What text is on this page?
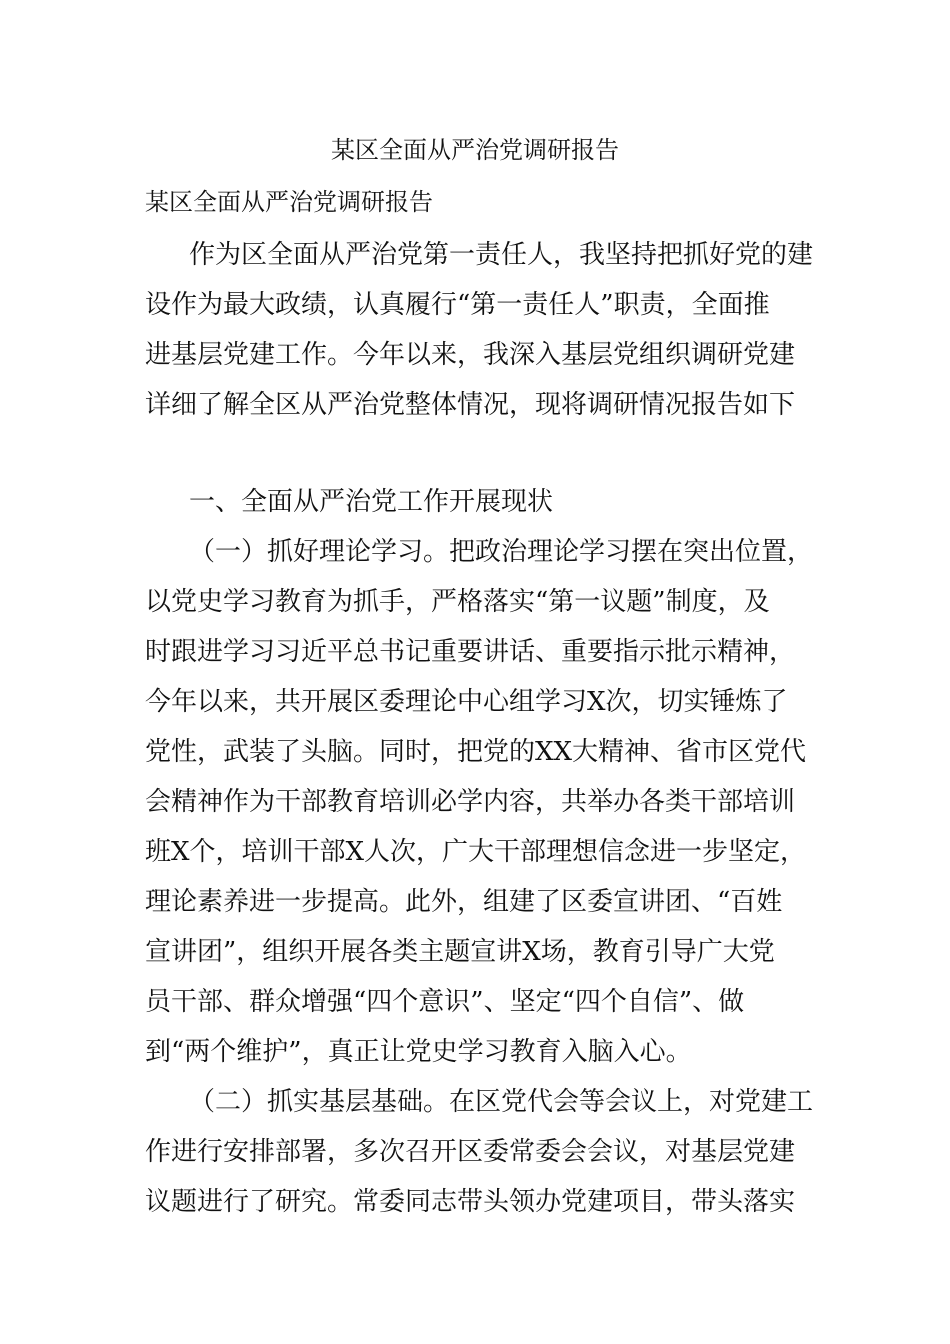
某区全面从严治党调研报告

某区全面从严治党调研报告

作为区全面从严治党第一责任人，我坚持把抓好党的建

设作为最大政绩，认真履行“第一责任人”职责，全面推

进基层党建工作。今年以来，我深入基层党组织调研党建

详细了解全区从严治党整体情况，现将调研情况报告如下

一、全面从严治党工作开展现状

（一）抓好理论学习。把政治理论学习摆在突出位置，

以党史学习教育为抓手，严格落实“第一议题”制度，及

时跟进学习习近平总书记重要讲话、重要指示批示精神，

今年以来，共开展区委理论中心组学习X次，切实锤炼了

党性，武装了头脑。同时，把党的XX大精神、省市区党代

会精神作为干部教育培训必学内容，共举办各类干部培训

班X个，培训干部X人次，广大干部理想信念进一步坚定，

理论素养进一步提高。此外，组建了区委宣讲团、“百姓

宣讲团”，组织开展各类主题宣讲X场，教育引导广大党

员干部、群众增强“四个意识”、坚定“四个自信”、做

到“两个维护”，真正让党史学习教育入脑入心。

（二）抓实基层基础。在区党代会等会议上，对党建工

作进行安排部署，多次召开区委常委会会议，对基层党建

议题进行了研究。常委同志带头领办党建项目，带头落实
